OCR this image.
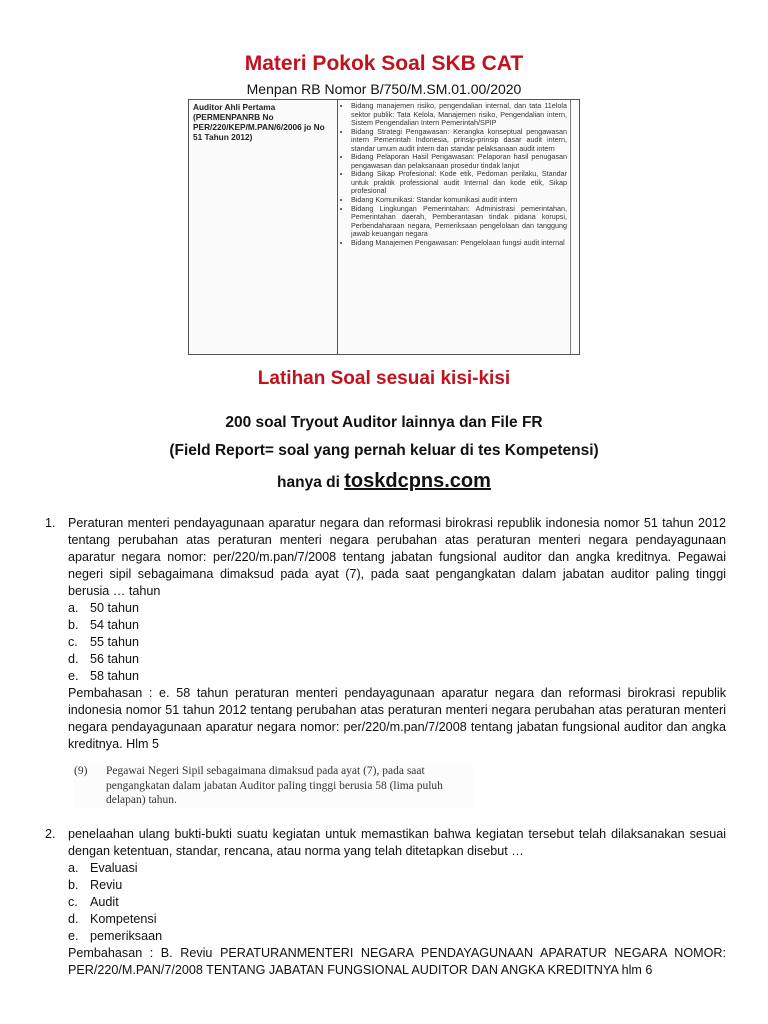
Materi Pokok Soal SKB CAT
Menpan RB Nomor B/750/M.SM.01.00/2020
Auditor Ahli Pertama (PERMENPANRB No PER/220/KEP/M.PAN/6/2006 jo No 51 Tahun 2012)
• Bidang manajemen risiko, pengendalian internal, dan tata 11elola sektor publik: Tata Kelola, Manajemen risiko, Pengendalian intern, Sistem Pengendalian Intern Pemerintah/SPIP
• Bidang Strategi Pengawasan: Kerangka konseptual pengawasan intern Pemerintah Indonesia, prinsip-prinsip dasar audit intern, standar umum audit intern dan standar pelaksanaan audit intern
• Bidang Pelaporan Hasil Pengawasan: Pelaporan hasil penugasan pengawasan dan pelaksanaan prosedur tindak lanjut
• Bidang Sikap Profesional: Kode etik, Pedoman perilaku, Standar untuk praktik professional audit Internal dan kode etik, Sikap profesional
• Bidang Komunikasi: Standar komunikasi audit intern
• Bidang Lingkungan Pemerintahan: Administrasi pemerintahan, Pemerintahan daerah, Pemberantasan tindak pidana korupsi, Perbendaharaan negara, Pemeriksaan pengelolaan dan tanggung jawab keuangan negara
• Bidang Manajemen Pengawasan: Pengelolaan fungsi audit internal
Latihan Soal sesuai kisi-kisi
200 soal Tryout Auditor lainnya dan File FR
(Field Report= soal yang pernah keluar di tes Kompetensi)
hanya di toskdcpns.com
1. Peraturan menteri pendayagunaan aparatur negara dan reformasi birokrasi republik indonesia nomor 51 tahun 2012 tentang perubahan atas peraturan menteri negara perubahan atas peraturan menteri negara pendayagunaan aparatur negara nomor: per/220/m.pan/7/2008 tentang jabatan fungsional auditor dan angka kreditnya. Pegawai negeri sipil sebagaimana dimaksud pada ayat (7), pada saat pengangkatan dalam jabatan auditor paling tinggi berusia … tahun
a. 50 tahun
b. 54 tahun
c. 55 tahun
d. 56 tahun
e. 58 tahun
Pembahasan : e. 58 tahun peraturan menteri pendayagunaan aparatur negara dan reformasi birokrasi republik indonesia nomor 51 tahun 2012 tentang perubahan atas peraturan menteri negara perubahan atas peraturan menteri negara pendayagunaan aparatur negara nomor: per/220/m.pan/7/2008 tentang jabatan fungsional auditor dan angka kreditnya. Hlm 5
(9) Pegawai Negeri Sipil sebagaimana dimaksud pada ayat (7), pada saat pengangkatan dalam jabatan Auditor paling tinggi berusia 58 (lima puluh delapan) tahun.
2. penelaahan ulang bukti-bukti suatu kegiatan untuk memastikan bahwa kegiatan tersebut telah dilaksanakan sesuai dengan ketentuan, standar, rencana, atau norma yang telah ditetapkan disebut …
a. Evaluasi
b. Reviu
c. Audit
d. Kompetensi
e. pemeriksaan
Pembahasan : B. Reviu PERATURANMENTERI NEGARA PENDAYAGUNAAN APARATUR NEGARA NOMOR: PER/220/M.PAN/7/2008 TENTANG JABATAN FUNGSIONAL AUDITOR DAN ANGKA KREDITNYA hlm 6
